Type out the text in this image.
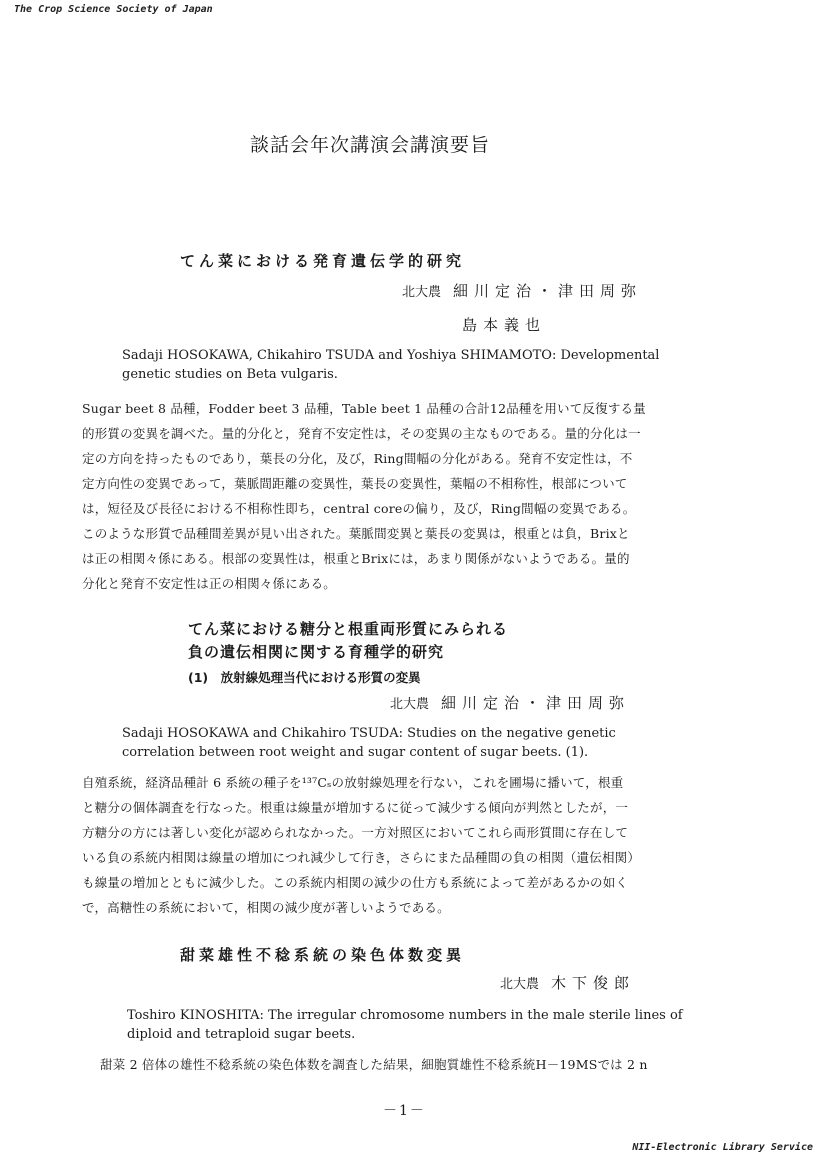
The Crop Science Society of Japan
談話会年次講演会講演要旨
てん菜における発育遺伝学的研究
北大農 細川定治・津田周弥
島本義也
Sadaji HOSOKAWA, Chikahiro TSUDA and Yoshiya SHIMAMOTO: Developmental genetic studies on Beta vulgaris.
Sugar beet 8 品種，Fodder beet 3 品種，Table beet 1 品種の合計12品種を用いて反復する量
的形質の変異を調べた。量的分化と，発育不安定性は，その変異の主なものである。量的分化は一
定の方向を持ったものであり，葉長の分化，及び，Ring間幅の分化がある。発育不安定性は，不
定方向性の変異であって，葉脈間距離の変異性，葉長の変異性，葉幅の不相称性，根部について
は，短径及び長径における不相称性即ち，central coreの偏り，及び，Ring間幅の変異である。
このような形質で品種間差異が見い出された。葉脈間変異と葉長の変異は，根重とは負，Brixと
は正の相関々係にある。根部の変異性は，根重とBrixには，あまり関係がないようである。量的
分化と発育不安定性は正の相関々係にある。
てん菜における糖分と根重両形質にみられる
負の遺伝相関に関する育種学的研究
(1)　放射線処理当代における形質の変異
北大農 細川定治・津田周弥
Sadaji HOSOKAWA and Chikahiro TSUDA: Studies on the negative genetic correlation between root weight and sugar content of sugar beets. (1).
自殖系統，経済品種計 6 系統の種子を¹³⁷Cₛの放射線処理を行ない，これを圃場に播いて，根重
と糖分の個体調査を行なった。根重は線量が増加するに従って減少する傾向が判然としたが，一
方糖分の方には著しい変化が認められなかった。一方対照区においてこれら両形質間に存在して
いる負の系統内相関は線量の増加につれ減少して行き，さらにまた品種間の負の相関（遺伝相関）
も線量の増加とともに減少した。この系統内相関の減少の仕方も系統によって差があるかの如く
で，高糖性の系統において，相関の減少度が著しいようである。
甜菜雄性不稔系統の染色体数変異
北大農 木下俊郎
Toshiro KINOSHITA: The irregular chromosome numbers in the male sterile lines of diploid and tetraploid sugar beets.
甜菜 2 倍体の雄性不稔系統の染色体数を調査した結果，細胞質雄性不稔系統H－19MSでは 2 n
－1－
NII-Electronic Library Service
